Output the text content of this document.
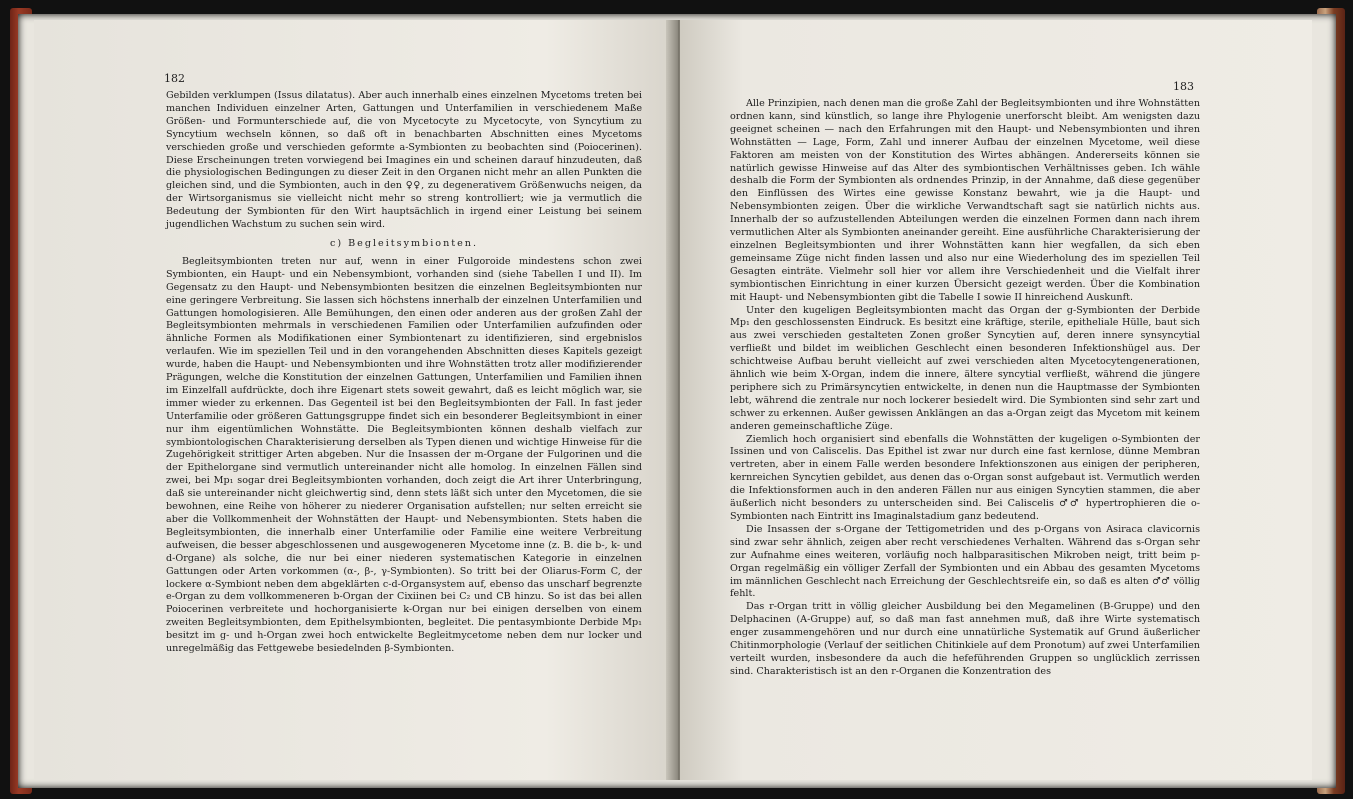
182

Gebilden verklumpen (Issus dilatatus). Aber auch innerhalb eines einzelnen Mycetoms treten bei manchen Individuen einzelner Arten, Gattungen und Unterfamilien in verschiedenem Maße Größen- und Formunterschiede auf, die von Mycetocyte zu Mycetocyte, von Syncytium zu Syncytium wechseln können, so daß oft in benachbarten Abschnitten eines Mycetoms verschieden große und verschieden geformte a-Symbionten zu beobachten sind (Poiocerinen). Diese Erscheinungen treten vorwiegend bei Imagines ein und scheinen darauf hinzudeuten, daß die physiologischen Bedingungen zu dieser Zeit in den Organen nicht mehr an allen Punkten die gleichen sind, und die Symbionten, auch in den ♀♀, zu degenerativem Größenwuchs neigen, da der Wirtsorganismus sie vielleicht nicht mehr so streng kontrolliert; wie ja vermutlich die Bedeutung der Symbionten für den Wirt hauptsächlich in irgend einer Leistung bei seinem jugendlichen Wachstum zu suchen sein wird.

c) Begleitsymbionten.

Begleitsymbionten treten nur auf, wenn in einer Fulgoroide mindestens schon zwei Symbionten, ein Haupt- und ein Nebensymbiont, vorhanden sind (siehe Tabellen I und II). Im Gegensatz zu den Haupt- und Nebensymbionten besitzen die einzelnen Begleitsymbionten nur eine geringere Verbreitung. Sie lassen sich höchstens innerhalb der einzelnen Unterfamilien und Gattungen homologisieren. Alle Bemühungen, den einen oder anderen aus der großen Zahl der Begleitsymbionten mehrmals in verschiedenen Familien oder Unterfamilien aufzufinden oder ähnliche Formen als Modifikationen einer Symbiontenart zu identifizieren, sind ergebnislos verlaufen. Wie im speziellen Teil und in den vorangehenden Abschnitten dieses Kapitels gezeigt wurde, haben die Haupt- und Nebensymbionten und ihre Wohnstätten trotz aller modifizierender Prägungen, welche die Konstitution der einzelnen Gattungen, Unterfamilien und Familien ihnen im Einzelfall aufdrückte, doch ihre Eigenart stets soweit gewahrt, daß es leicht möglich war, sie immer wieder zu erkennen. Das Gegenteil ist bei den Begleitsymbionten der Fall. In fast jeder Unterfamilie oder größeren Gattungsgruppe findet sich ein besonderer Begleitsymbiont in einer nur ihm eigentümlichen Wohnstätte. Die Begleitsymbionten können deshalb vielfach zur symbiontologischen Charakterisierung derselben als Typen dienen und wichtige Hinweise für die Zugehörigkeit strittiger Arten abgeben. Nur die Insassen der m-Organe der Fulgorinen und die der Epithelorgane sind vermutlich untereinander nicht alle homolog. In einzelnen Fällen sind zwei, bei Mp₁ sogar drei Begleitsymbionten vorhanden, doch zeigt die Art ihrer Unterbringung, daß sie untereinander nicht gleichwertig sind, denn stets läßt sich unter den Mycetomen, die sie bewohnen, eine Reihe von höherer zu niederer Organisation aufstellen; nur selten erreicht sie aber die Vollkommenheit der Wohnstätten der Haupt- und Nebensymbionten. Stets haben die Begleitsymbionten, die innerhalb einer Unterfamilie oder Familie eine weitere Verbreitung aufweisen, die besser abgeschlossenen und ausgewogeneren Mycetome inne (z. B. die b-, k- und d-Organe) als solche, die nur bei einer niederen systematischen Kategorie in einzelnen Gattungen oder Arten vorkommen (α-, β-, γ-Symbionten). So tritt bei der Oliarus-Form C, der lockere α-Symbiont neben dem abgeklärten c-d-Organsystem auf, ebenso das unscharf begrenzte e-Organ zu dem vollkommeneren b-Organ der Cixiinen bei C₂ und CB hinzu. So ist das bei allen Poiocerinen verbreitete und hochorganisierte k-Organ nur bei einigen derselben von einem zweiten Begleitsymbionten, dem Epithelsymbionten, begleitet. Die pentasymbionte Derbide Mp₁ besitzt im g- und h-Organ zwei hoch entwickelte Begleitmycetome neben dem nur locker und unregelmäßig das Fettgewebe besiedelnden β-Symbionten.

183

Alle Prinzipien, nach denen man die große Zahl der Begleitsymbionten und ihre Wohnstätten ordnen kann, sind künstlich, so lange ihre Phylogenie unerforscht bleibt. Am wenigsten dazu geeignet scheinen — nach den Erfahrungen mit den Haupt- und Nebensymbionten und ihren Wohnstätten — Lage, Form, Zahl und innerer Aufbau der einzelnen Mycetome, weil diese Faktoren am meisten von der Konstitution des Wirtes abhängen. Andererseits können sie natürlich gewisse Hinweise auf das Alter des symbiontischen Verhältnisses geben. Ich wähle deshalb die Form der Symbionten als ordnendes Prinzip, in der Annahme, daß diese gegenüber den Einflüssen des Wirtes eine gewisse Konstanz bewahrt, wie ja die Haupt- und Nebensymbionten zeigen. Über die wirkliche Verwandtschaft sagt sie natürlich nichts aus. Innerhalb der so aufzustellenden Abteilungen werden die einzelnen Formen dann nach ihrem vermutlichen Alter als Symbionten aneinander gereiht. Eine ausführliche Charakterisierung der einzelnen Begleitsymbionten und ihrer Wohnstätten kann hier wegfallen, da sich eben gemeinsame Züge nicht finden lassen und also nur eine Wiederholung des im speziellen Teil Gesagten einträte. Vielmehr soll hier vor allem ihre Verschiedenheit und die Vielfalt ihrer symbiontischen Einrichtung in einer kurzen Übersicht gezeigt werden. Über die Kombination mit Haupt- und Nebensymbionten gibt die Tabelle I sowie II hinreichend Auskunft.

Unter den kugeligen Begleitsymbionten macht das Organ der g-Symbionten der Derbide Mp₁ den geschlossensten Eindruck. Es besitzt eine kräftige, sterile, epitheliale Hülle, baut sich aus zwei verschieden gestalteten Zonen großer Syncytien auf, deren innere synsyncytial verfließt und bildet im weiblichen Geschlecht einen besonderen Infektionshügel aus. Der schichtweise Aufbau beruht vielleicht auf zwei verschieden alten Mycetocytengenerationen, ähnlich wie beim X-Organ, indem die innere, ältere syncytial verfließt, während die jüngere periphere sich zu Primärsyncytien entwickelte, in denen nun die Hauptmasse der Symbionten lebt, während die zentrale nur noch lockerer besiedelt wird. Die Symbionten sind sehr zart und schwer zu erkennen. Außer gewissen Anklängen an das a-Organ zeigt das Mycetom mit keinem anderen gemeinschaftliche Züge.

Ziemlich hoch organisiert sind ebenfalls die Wohnstätten der kugeligen o-Symbionten der Issinen und von Caliscelis. Das Epithel ist zwar nur durch eine fast kernlose, dünne Membran vertreten, aber in einem Falle werden besondere Infektionszonen aus einigen der peripheren, kernreichen Syncytien gebildet, aus denen das o-Organ sonst aufgebaut ist. Vermutlich werden die Infektionsformen auch in den anderen Fällen nur aus einigen Syncytien stammen, die aber äußerlich nicht besonders zu unterscheiden sind. Bei Caliscelis ♂♂ hypertrophieren die o-Symbionten nach Eintritt ins Imaginalstadium ganz bedeutend.

Die Insassen der s-Organe der Tettigometriden und des p-Organs von Asiraca clavicornis sind zwar sehr ähnlich, zeigen aber recht verschiedenes Verhalten. Während das s-Organ sehr zur Aufnahme eines weiteren, vorläufig noch halbparasitischen Mikroben neigt, tritt beim p-Organ regelmäßig ein völliger Zerfall der Symbionten und ein Abbau des gesamten Mycetoms im männlichen Geschlecht nach Erreichung der Geschlechtsreife ein, so daß es alten ♂♂ völlig fehlt.

Das r-Organ tritt in völlig gleicher Ausbildung bei den Megamelinen (B-Gruppe) und den Delphacinen (A-Gruppe) auf, so daß man fast annehmen muß, daß ihre Wirte systematisch enger zusammengehören und nur durch eine unnatürliche Systematik auf Grund äußerlicher Chitinmorphologie (Verlauf der seitlichen Chitinkiele auf dem Pronotum) auf zwei Unterfamilien verteilt wurden, insbesondere da auch die hefeführenden Gruppen so unglücklich zerrissen sind. Charakteristisch ist an den r-Organen die Konzentration des
